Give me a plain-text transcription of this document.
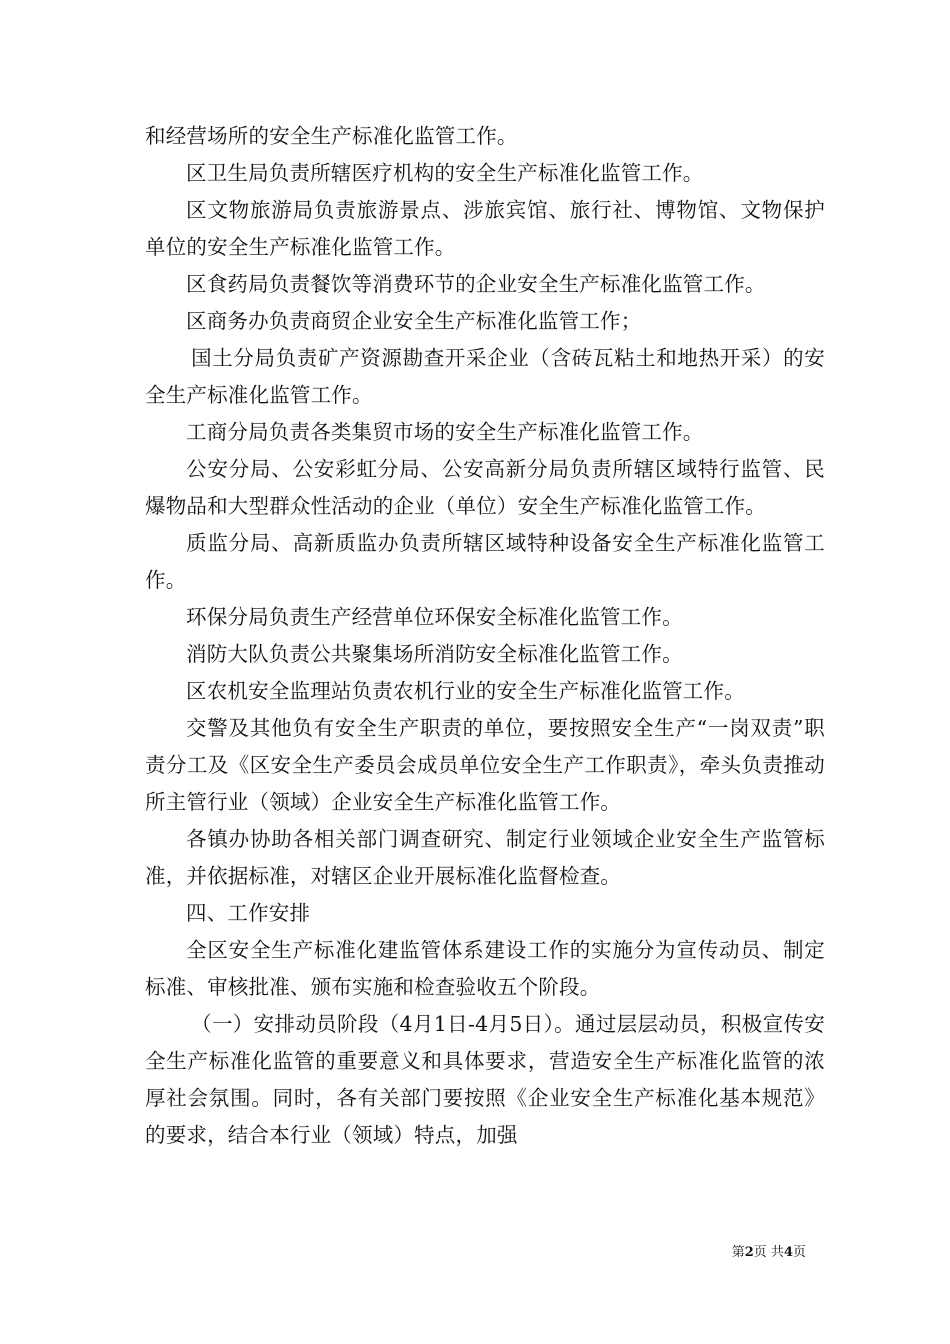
和经营场所的安全生产标准化监管工作。

区卫生局负责所辖医疗机构的安全生产标准化监管工作。

区文物旅游局负责旅游景点、涉旅宾馆、旅行社、博物馆、文物保护单位的安全生产标准化监管工作。

区食药局负责餐饮等消费环节的企业安全生产标准化监管工作。

区商务办负责商贸企业安全生产标准化监管工作；

国土分局负责矿产资源勘查开采企业（含砖瓦粘土和地热开采）的安全生产标准化监管工作。

工商分局负责各类集贸市场的安全生产标准化监管工作。

公安分局、公安彩虹分局、公安高新分局负责所辖区域特行监管、民爆物品和大型群众性活动的企业（单位）安全生产标准化监管工作。

质监分局、高新质监办负责所辖区域特种设备安全生产标准化监管工作。

环保分局负责生产经营单位环保安全标准化监管工作。

消防大队负责公共聚集场所消防安全标准化监管工作。

区农机安全监理站负责农机行业的安全生产标准化监管工作。

交警及其他负有安全生产职责的单位，要按照安全生产“一岗双责”职责分工及《区安全生产委员会成员单位安全生产工作职责》，牵头负责推动所主管行业（领域）企业安全生产标准化监管工作。

各镇办协助各相关部门调查研究、制定行业领域企业安全生产监管标准，并依据标准，对辖区企业开展标准化监督检查。

四、工作安排

全区安全生产标准化建监管体系建设工作的实施分为宣传动员、制定标准、审核批准、颁布实施和检查验收五个阶段。

（一）安排动员阶段（4月1日-4月5日）。通过层层动员，积极宣传安全生产标准化监管的重要意义和具体要求，营造安全生产标准化监管的浓厚社会氛围。同时，各有关部门要按照《企业安全生产标准化基本规范》的要求，结合本行业（领域）特点，加强

第2页 共4页
